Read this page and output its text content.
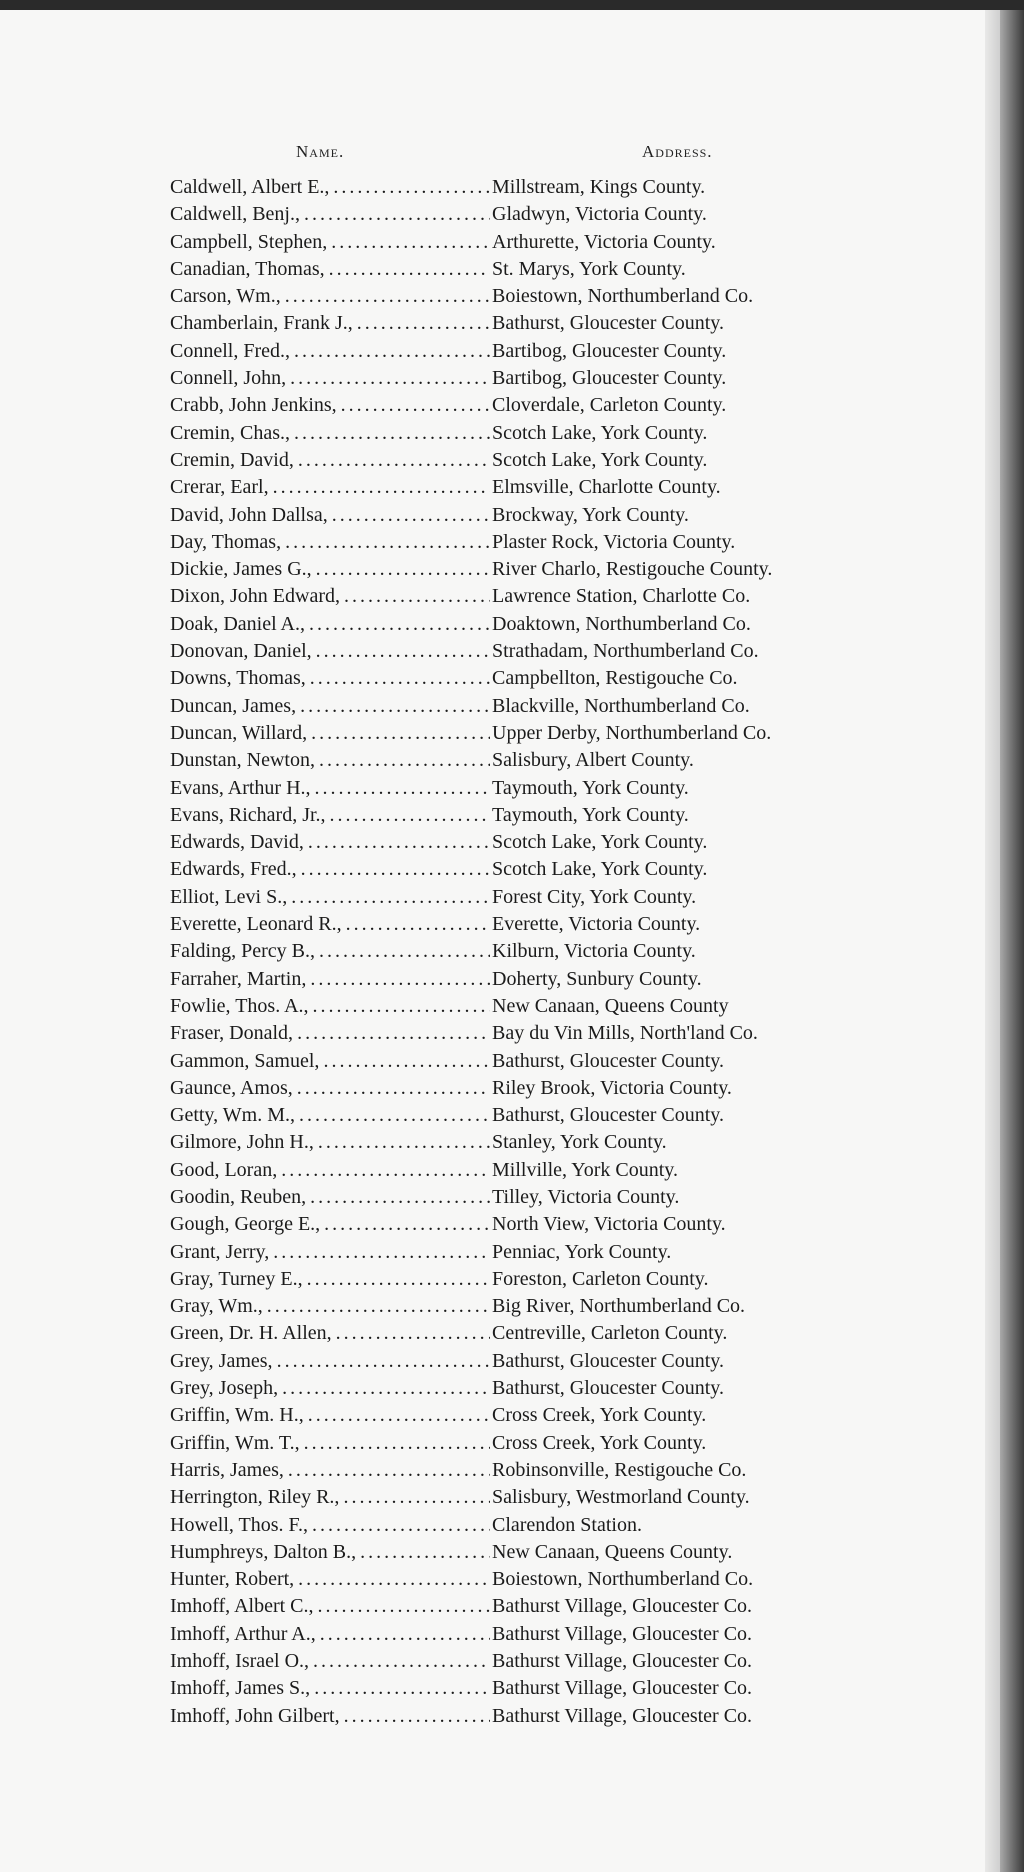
Name.	Address.
Caldwell, Albert E., . . .	Millstream, Kings County.
Caldwell, Benj., . . .	Gladwyn, Victoria County.
Campbell, Stephen, . . .	Arthurette, Victoria County.
Canadian, Thomas, . . .	St. Marys, York County.
Carson, Wm., . . .	Boiestown, Northumberland Co.
Chamberlain, Frank J., . . .	Bathurst, Gloucester County.
Connell, Fred., . . .	Bartibog, Gloucester County.
Connell, John, . . .	Bartibog, Gloucester County.
Crabb, John Jenkins, . . .	Cloverdale, Carleton County.
Cremin, Chas., . . .	Scotch Lake, York County.
Cremin, David, . . .	Scotch Lake, York County.
Crerar, Earl, . . .	Elmsville, Charlotte County.
David, John Dallsa, . . .	Brockway, York County.
Day, Thomas, . . .	Plaster Rock, Victoria County.
Dickie, James G., . . .	River Charlo, Restigouche County.
Dixon, John Edward, . . .	Lawrence Station, Charlotte Co.
Doak, Daniel A., . . .	Doaktown, Northumberland Co.
Donovan, Daniel, . . .	Strathadam, Northumberland Co.
Downs, Thomas, . . .	Campbellton, Restigouche Co.
Duncan, James, . . .	Blackville, Northumberland Co.
Duncan, Willard, . . .	Upper Derby, Northumberland Co.
Dunstan, Newton, . . .	Salisbury, Albert County.
Evans, Arthur H., . . .	Taymouth, York County.
Evans, Richard, Jr., . . .	Taymouth, York County.
Edwards, David, . . .	Scotch Lake, York County.
Edwards, Fred., . . .	Scotch Lake, York County.
Elliot, Levi S., . . .	Forest City, York County.
Everette, Leonard R., . . .	Everette, Victoria County.
Falding, Percy B., . . .	Kilburn, Victoria County.
Farraher, Martin, . . .	Doherty, Sunbury County.
Fowlie, Thos. A., . . .	New Canaan, Queens County
Fraser, Donald, . . .	Bay du Vin Mills, North'land Co.
Gammon, Samuel, . . .	Bathurst, Gloucester County.
Gaunce, Amos, . . .	Riley Brook, Victoria County.
Getty, Wm. M., . . .	Bathurst, Gloucester County.
Gilmore, John H., . . .	Stanley, York County.
Good, Loran, . . .	Millville, York County.
Goodin, Reuben, . . .	Tilley, Victoria County.
Gough, George E., . . .	North View, Victoria County.
Grant, Jerry, . . .	Penniac, York County.
Gray, Turney E., . . .	Foreston, Carleton County.
Gray, Wm., . . .	Big River, Northumberland Co.
Green, Dr. H. Allen, . . .	Centreville, Carleton County.
Grey, James, . . .	Bathurst, Gloucester County.
Grey, Joseph, . . .	Bathurst, Gloucester County.
Griffin, Wm. H., . . .	Cross Creek, York County.
Griffin, Wm. T., . . .	Cross Creek, York County.
Harris, James, . . .	Robinsonville, Restigouche Co.
Herrington, Riley R., . . .	Salisbury, Westmorland County.
Howell, Thos. F., . . .	Clarendon Station.
Humphreys, Dalton B., . . .	New Canaan, Queens County.
Hunter, Robert, . . .	Boiestown, Northumberland Co.
Imhoff, Albert C., . . .	Bathurst Village, Gloucester Co.
Imhoff, Arthur A., . . .	Bathurst Village, Gloucester Co.
Imhoff, Israel O., . . .	Bathurst Village, Gloucester Co.
Imhoff, James S., . . .	Bathurst Village, Gloucester Co.
Imhoff, John Gilbert, . . .	Bathurst Village, Gloucester Co.
